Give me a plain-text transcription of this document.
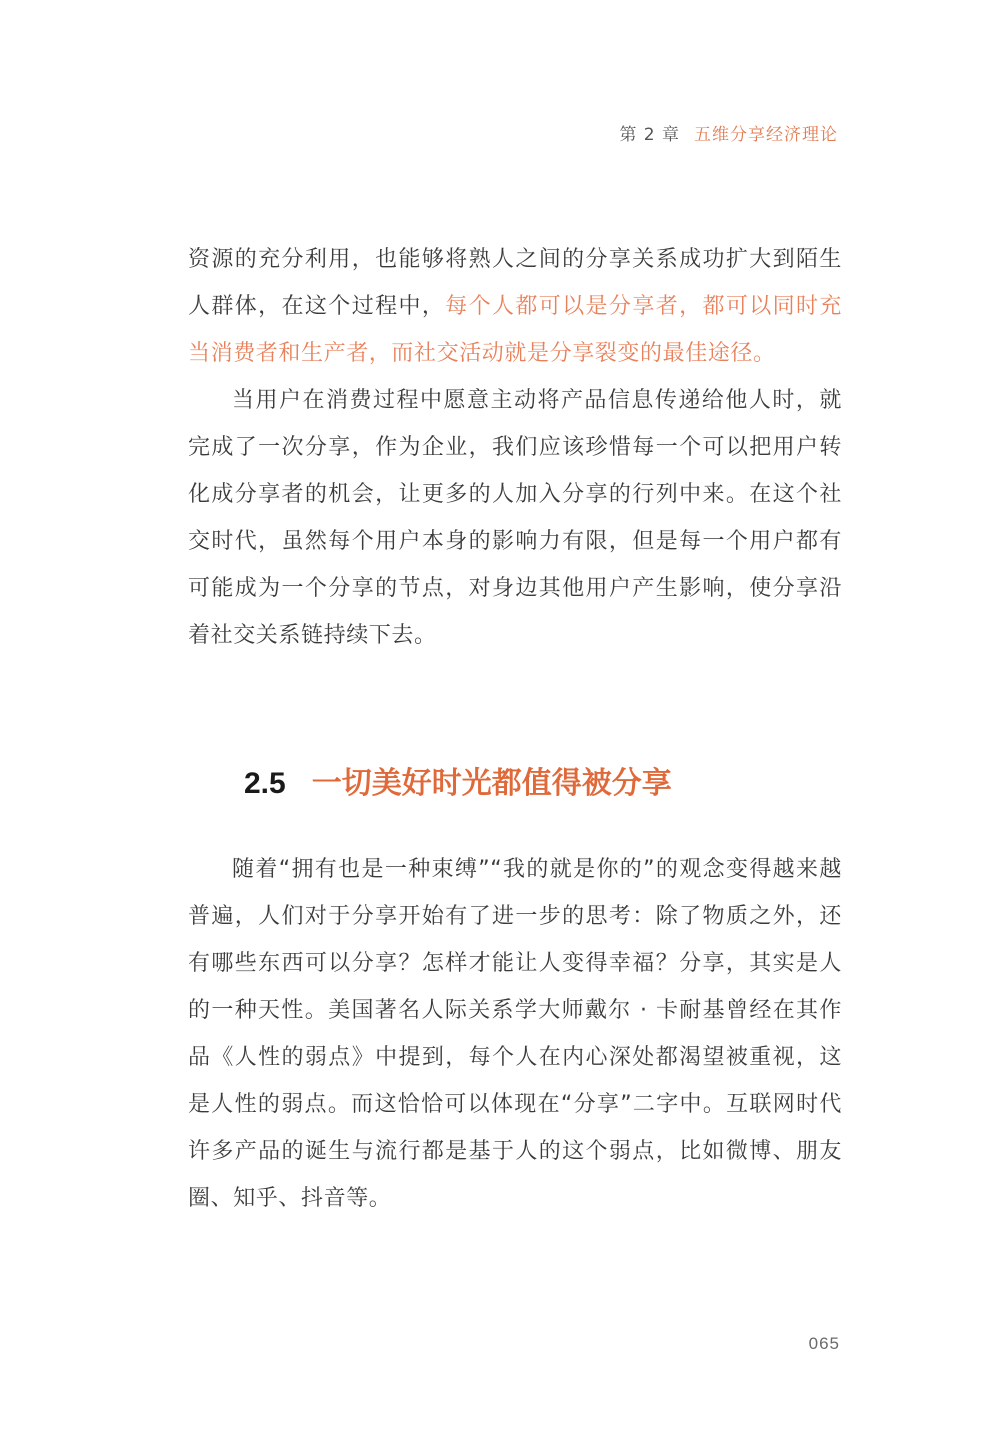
第 2 章 五维分享经济理论

资源的充分利用，也能够将熟人之间的分享关系成功扩大到陌生人群体，在这个过程中，每个人都可以是分享者，都可以同时充当消费者和生产者，而社交活动就是分享裂变的最佳途径。

当用户在消费过程中愿意主动将产品信息传递给他人时，就完成了一次分享，作为企业，我们应该珍惜每一个可以把用户转化成分享者的机会，让更多的人加入分享的行列中来。在这个社交时代，虽然每个用户本身的影响力有限，但是每一个用户都有可能成为一个分享的节点，对身边其他用户产生影响，使分享沿着社交关系链持续下去。

2.5 一切美好时光都值得被分享

随着“拥有也是一种束缚”“我的就是你的”的观念变得越来越普遍，人们对于分享开始有了进一步的思考：除了物质之外，还有哪些东西可以分享？怎样才能让人变得幸福？分享，其实是人的一种天性。美国著名人际关系学大师戴尔 · 卡耐基曾经在其作品《人性的弱点》中提到，每个人在内心深处都渴望被重视，这是人性的弱点。而这恰恰可以体现在“分享”二字中。互联网时代许多产品的诞生与流行都是基于人的这个弱点，比如微博、朋友圈、知乎、抖音等。

065
